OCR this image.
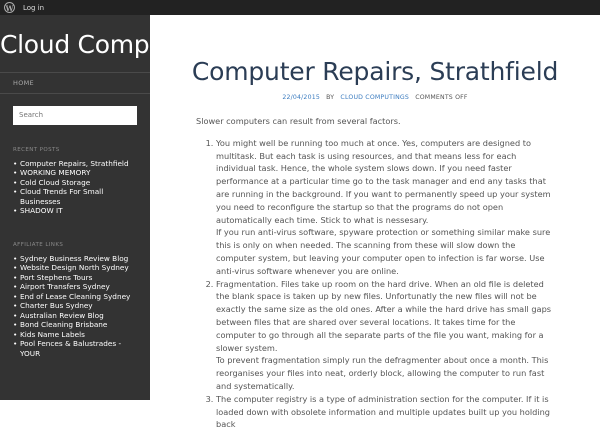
W Log in
Cloud Computings
HOME
Search
RECENT POSTS
• Computer Repairs, Strathfield
• WORKING MEMORY
• Cold Cloud Storage
• Cloud Trends For Small Businesses
• SHADOW IT
AFFILIATE LINKS
• Sydney Business Review Blog
• Website Design North Sydney
• Port Stephens Tours
• Airport Transfers Sydney
• End of Lease Cleaning Sydney
• Charter Bus Sydney
• Australian Review Blog
• Bond Cleaning Brisbane
• Kids Name Labels
• Pool Fences & Balustrades - YOUR
Computer Repairs, Strathfield
22/04/2015 BY CLOUD COMPUTINGS COMMENTS OFF

Slower computers can result from several factors.

1. You might well be running too much at once. Yes, computers are designed to multitask. But each task is using resources, and that means less for each individual task. Hence, the whole system slows down. If you need faster performance at a particular time go to the task manager and end any tasks that are running in the background. If you want to permanently speed up your system you need to reconfigure the startup so that the programs do not open automatically each time. Stick to what is nessesary.
If you run anti-virus software, spyware protection or something similar make sure this is only on when needed. The scanning from these will slow down the computer system, but leaving your computer open to infection is far worse. Use anti-virus software whenever you are online.
2. Fragmentation. Files take up room on the hard drive. When an old file is deleted the blank space is taken up by new files. Unfortunatly the new files will not be exactly the same size as the old ones. After a while the hard drive has small gaps between files that are shared over several locations. It takes time for the computer to go through all the separate parts of the file you want, making for a slower system.
To prevent fragmentation simply run the defragmenter about once a month. This reorganises your files into neat, orderly block, allowing the computer to run fast and systematically.
3. The computer registry is a type of administration section for the computer. If it is loaded down with obsolete information and multiple updates built up you holding back
